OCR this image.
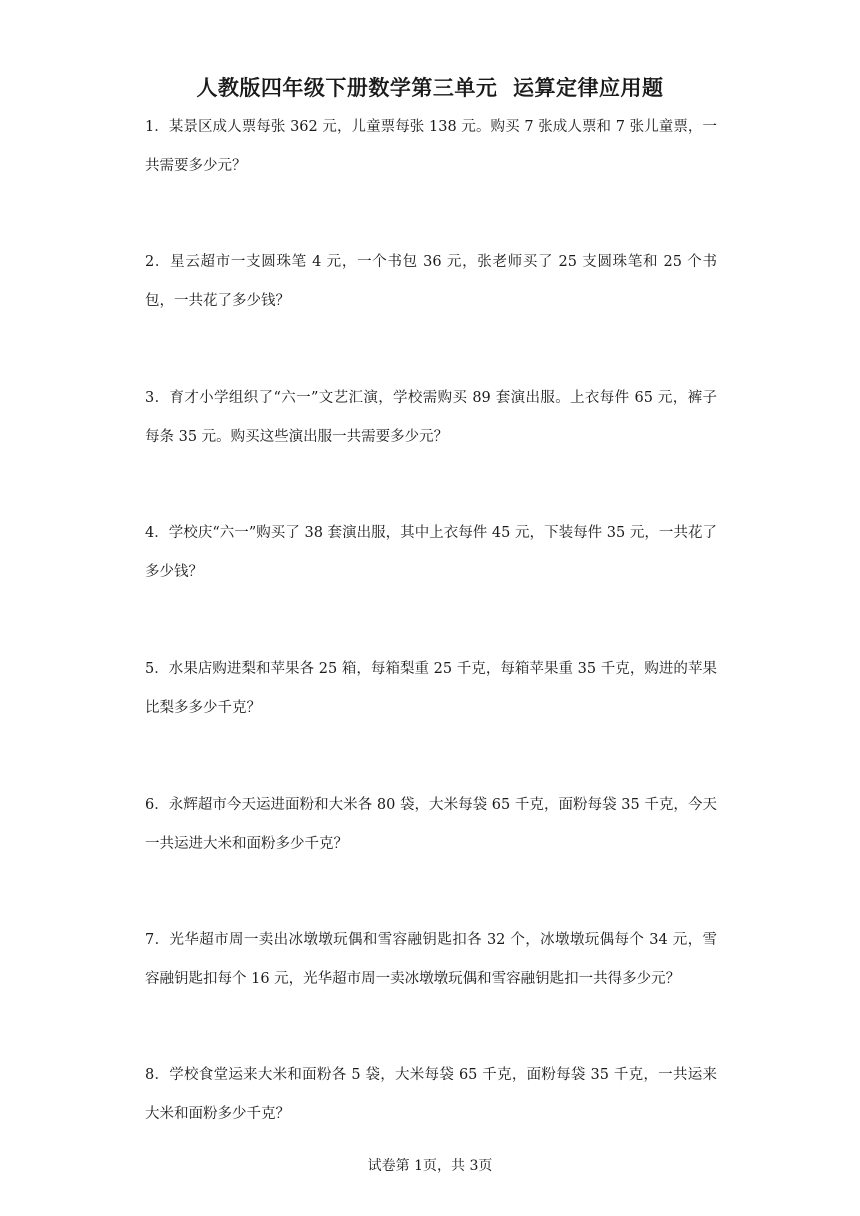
人教版四年级下册数学第三单元  运算定律应用题
1．某景区成人票每张 362 元，儿童票每张 138 元。购买 7 张成人票和 7 张儿童票，一共需要多少元？
2．星云超市一支圆珠笔 4 元，一个书包 36 元，张老师买了 25 支圆珠笔和 25 个书包，一共花了多少钱？
3．育才小学组织了“六一”文艺汇演，学校需购买 89 套演出服。上衣每件 65 元，裤子每条 35 元。购买这些演出服一共需要多少元？
4．学校庆“六一”购买了 38 套演出服，其中上衣每件 45 元，下装每件 35 元，一共花了多少钱？
5．水果店购进梨和苹果各 25 箱，每箱梨重 25 千克，每箱苹果重 35 千克，购进的苹果比梨多多少千克？
6．永辉超市今天运进面粉和大米各 80 袋，大米每袋 65 千克，面粉每袋 35 千克，今天一共运进大米和面粉多少千克？
7．光华超市周一卖出冰墩墩玩偶和雪容融钥匙扣各 32 个，冰墩墩玩偶每个 34 元，雪容融钥匙扣每个 16 元，光华超市周一卖冰墩墩玩偶和雪容融钥匙扣一共得多少元？
8．学校食堂运来大米和面粉各 5 袋，大米每袋 65 千克，面粉每袋 35 千克，一共运来大米和面粉多少千克？
试卷第 1页，共 3页
